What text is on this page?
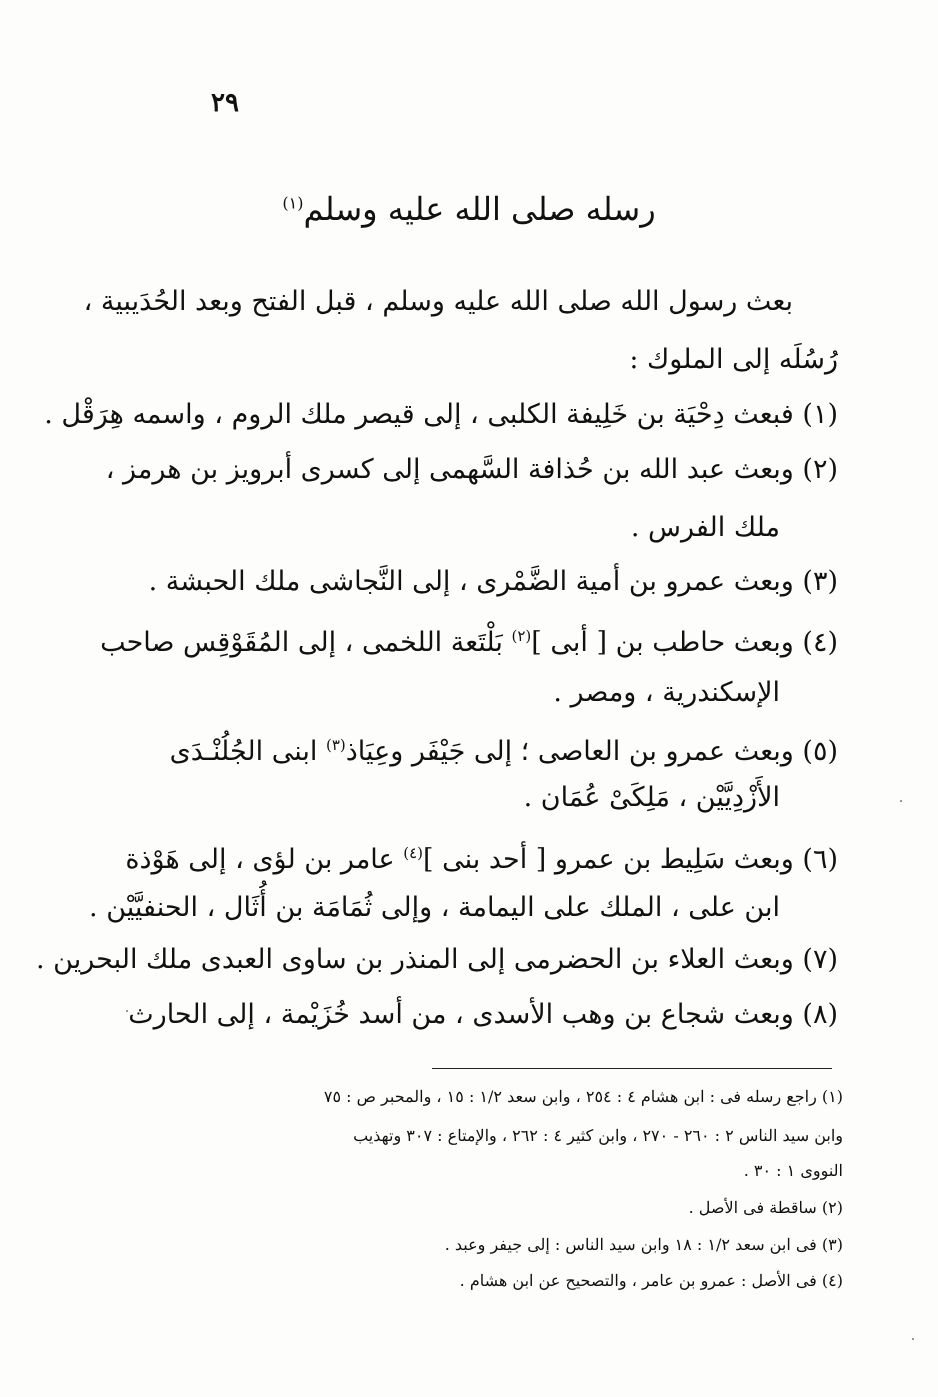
٢٩
رسله صلى الله عليه وسلم$^{(١)}$
بعث رسول الله صلى الله عليه وسلم ، قبل الفتح وبعد الحُدَيبية ،
رُسُلَه إلى الملوك :
(١) فبعث دِحْيَة بن خَلِيفة الكلبى ، إلى قيصر ملك الروم ، واسمه هِرَقْل .
(٢) وبعث عبد الله بن حُذافة السَّهمى إلى كسرى أبرويز بن هرمز ،
ملك الفرس .
(٣) وبعث عمرو بن أمية الضَّمْرى ، إلى النَّجاشى ملك الحبشة .
(٤) وبعث حاطب بن [ أبى ]$^{(٢)}$ بَلْتَعة اللخمى ، إلى المُقَوْقِس صاحب
الإسكندرية ، ومصر .
(٥) وبعث عمرو بن العاصى ؛ إلى جَيْفَر وعِيَاذ$^{(٣)}$ ابنى الجُلُنْـدَى
الأَزْدِيَّيْن ، مَلِكَىْ عُمَان .
(٦) وبعث سَلِيط بن عمرو [ أحد بنى ]$^{(٤)}$ عامر بن لؤى ، إلى هَوْذة
ابن على ، الملك على اليمامة ، وإلى ثُمَامَة بن أُثَال ، الحنفيَّيْن .
(٧) وبعث العلاء بن الحضرمى إلى المنذر بن ساوى العبدى ملك البحرين .
(٨) وبعث شجاع بن وهب الأسدى ، من أسد خُزَيْمة ، إلى الحارث
(١) راجع رسله فى : ابن هشام ٤ : ٢٥٤ ، وابن سعد ١/٢ : ١٥ ، والمحبر ص : ٧٥
وابن سيد الناس ٢ : ٢٦٠ - ٢٧٠ ، وابن كثير ٤ : ٢٦٢ ، والإمتاع : ٣٠٧ وتهذيب
النووى ١ : ٣٠ .
(٢) ساقطة فى الأصل .
(٣) فى ابن سعد ١/٢ : ١٨ وابن سيد الناس : إلى جيفر وعبد .
(٤) فى الأصل : عمرو بن عامر ، والتصحيح عن ابن هشام .
